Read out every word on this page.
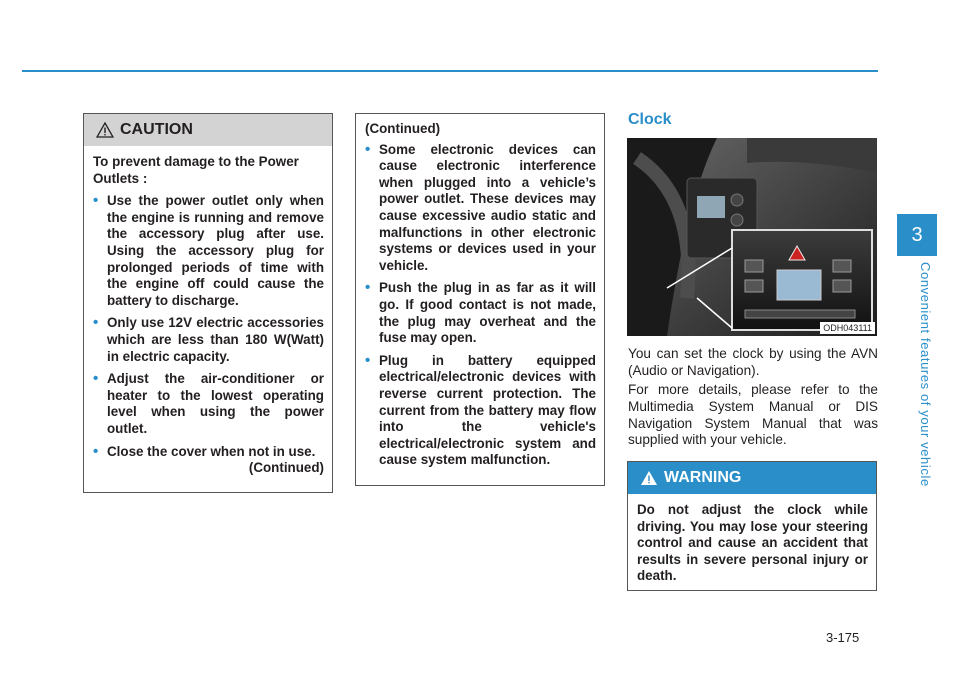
3
Convenient features of your vehicle
CAUTION

To prevent damage to the Power Outlets :

• Use the power outlet only when the engine is running and remove the accessory plug after use. Using the accessory plug for prolonged periods of time with the engine off could cause the battery to discharge.
• Only use 12V electric accessories which are less than 180 W(Watt) in electric capacity.
• Adjust the air-conditioner or heater to the lowest operating level when using the power outlet.
• Close the cover when not in use.
(Continued)

(Continued)

• Some electronic devices can cause electronic interference when plugged into a vehicle’s power outlet. These devices may cause excessive audio static and malfunctions in other electronic systems or devices used in your vehicle.
• Push the plug in as far as it will go. If good contact is not made, the plug may overheat and the fuse may open.
• Plug in battery equipped electrical/electronic devices with reverse current protection. The current from the battery may flow into the vehicle's electrical/electronic system and cause system malfunction.
Clock
ODH043111
You can set the clock by using the AVN (Audio or Navigation).
For more details, please refer to the Multimedia System Manual or DIS Navigation System Manual that was supplied with your vehicle.
WARNING
Do not adjust the clock while driving. You may lose your steering control and cause an accident that results in severe personal injury or death.
3-175
